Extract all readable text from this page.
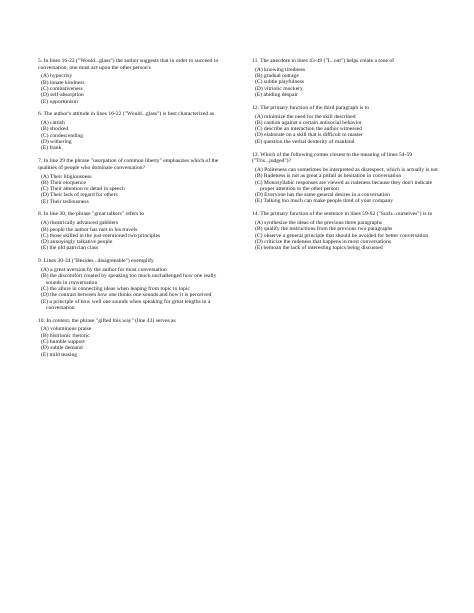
5. In lines 16-22 ("Would...glass") the author suggests that in order to succeed in conversation, one must act upon the other person's
(A) hypocrisy
(B) innate kindness
(C) combativeness
(D) self-absorption
(E) opportunism
6. The author's attitude in lines 16-22 ("Would...glass") is best characterized as
(A) cattish
(B) shocked
(C) condescending
(D) withering
(E) frank
7. In line 29 the phrase "usurpation of common liberty" emphasizes which of the qualities of people who dominate conversation?
(A) Their litigiousness
(B) Their eloquence
(C) Their attention to detail in speech
(D) Their lack of regard for others
(E) Their tediousness
8. In line 30, the phrase "great talkers" refers to
(A) theatrically advanced gabblers
(B) people the author has met in his travels
(C) those skilled in the just-mentioned two principles
(D) annoyingly talkative people
(E) the old patrician class
9. Lines 30-34 ("Besides...disagreeable") exemplify
(A) a great aversion by the author for most conversation
(B) the discomfort created by speaking too much unchallenged how one really sounds in conversation
(C) the allure in connecting ideas when leaping from topic to topic
(D) the contrast between how one thinks one sounds and how it is perceived
(E) a principle of how well one sounds when speaking for great lengths in a conversation
10. In context, the phrase "gifted this way" (line 43) serves as
(A) voluminous praise
(B) histrionic rhetoric
(C) humble support
(D) subtle demand
(E) mild teasing
11. The anecdote in lines 43-49 ("I...out") helps create a tone of
(A) knowing tiredness
(B) gradual outrage
(C) subtle playfulness
(D) vitriolic mockery
(E) abiding despair
12. The primary function of the third paragraph is to
(A) minimize the need for the skill described
(B) caution against a certain antisocial behavior
(C) describe an interaction the author witnessed
(D) elaborate on a skill that is difficult to master
(E) question the verbal dexterity of mankind
13. Which of the following comes closest to the meaning of lines 54-59 ("Tris...judged")?
(A) Politeness can sometimes be interpreted as disrespect, which is actually is not
(B) Rudeness is not as great a pitfall as hesitation in conversation
(C) Monosyllabic responses are viewed as rudeness because they don't indicate proper attention to the other person
(D) Everyone has the same general desires in a conversation
(E) Talking too much can make people tired of your company
14. The primary function of the sentence in lines 59-62 ("Such...ourselves") is to
(A) synthesize the ideas of the previous three paragraphs
(B) qualify the instructions from the previous two paragraphs
(C) observe a general principle that should be avoided for better conversation
(D) criticize the rudeness that happens in most conversations
(E) bemoan the lack of interesting topics being discussed
